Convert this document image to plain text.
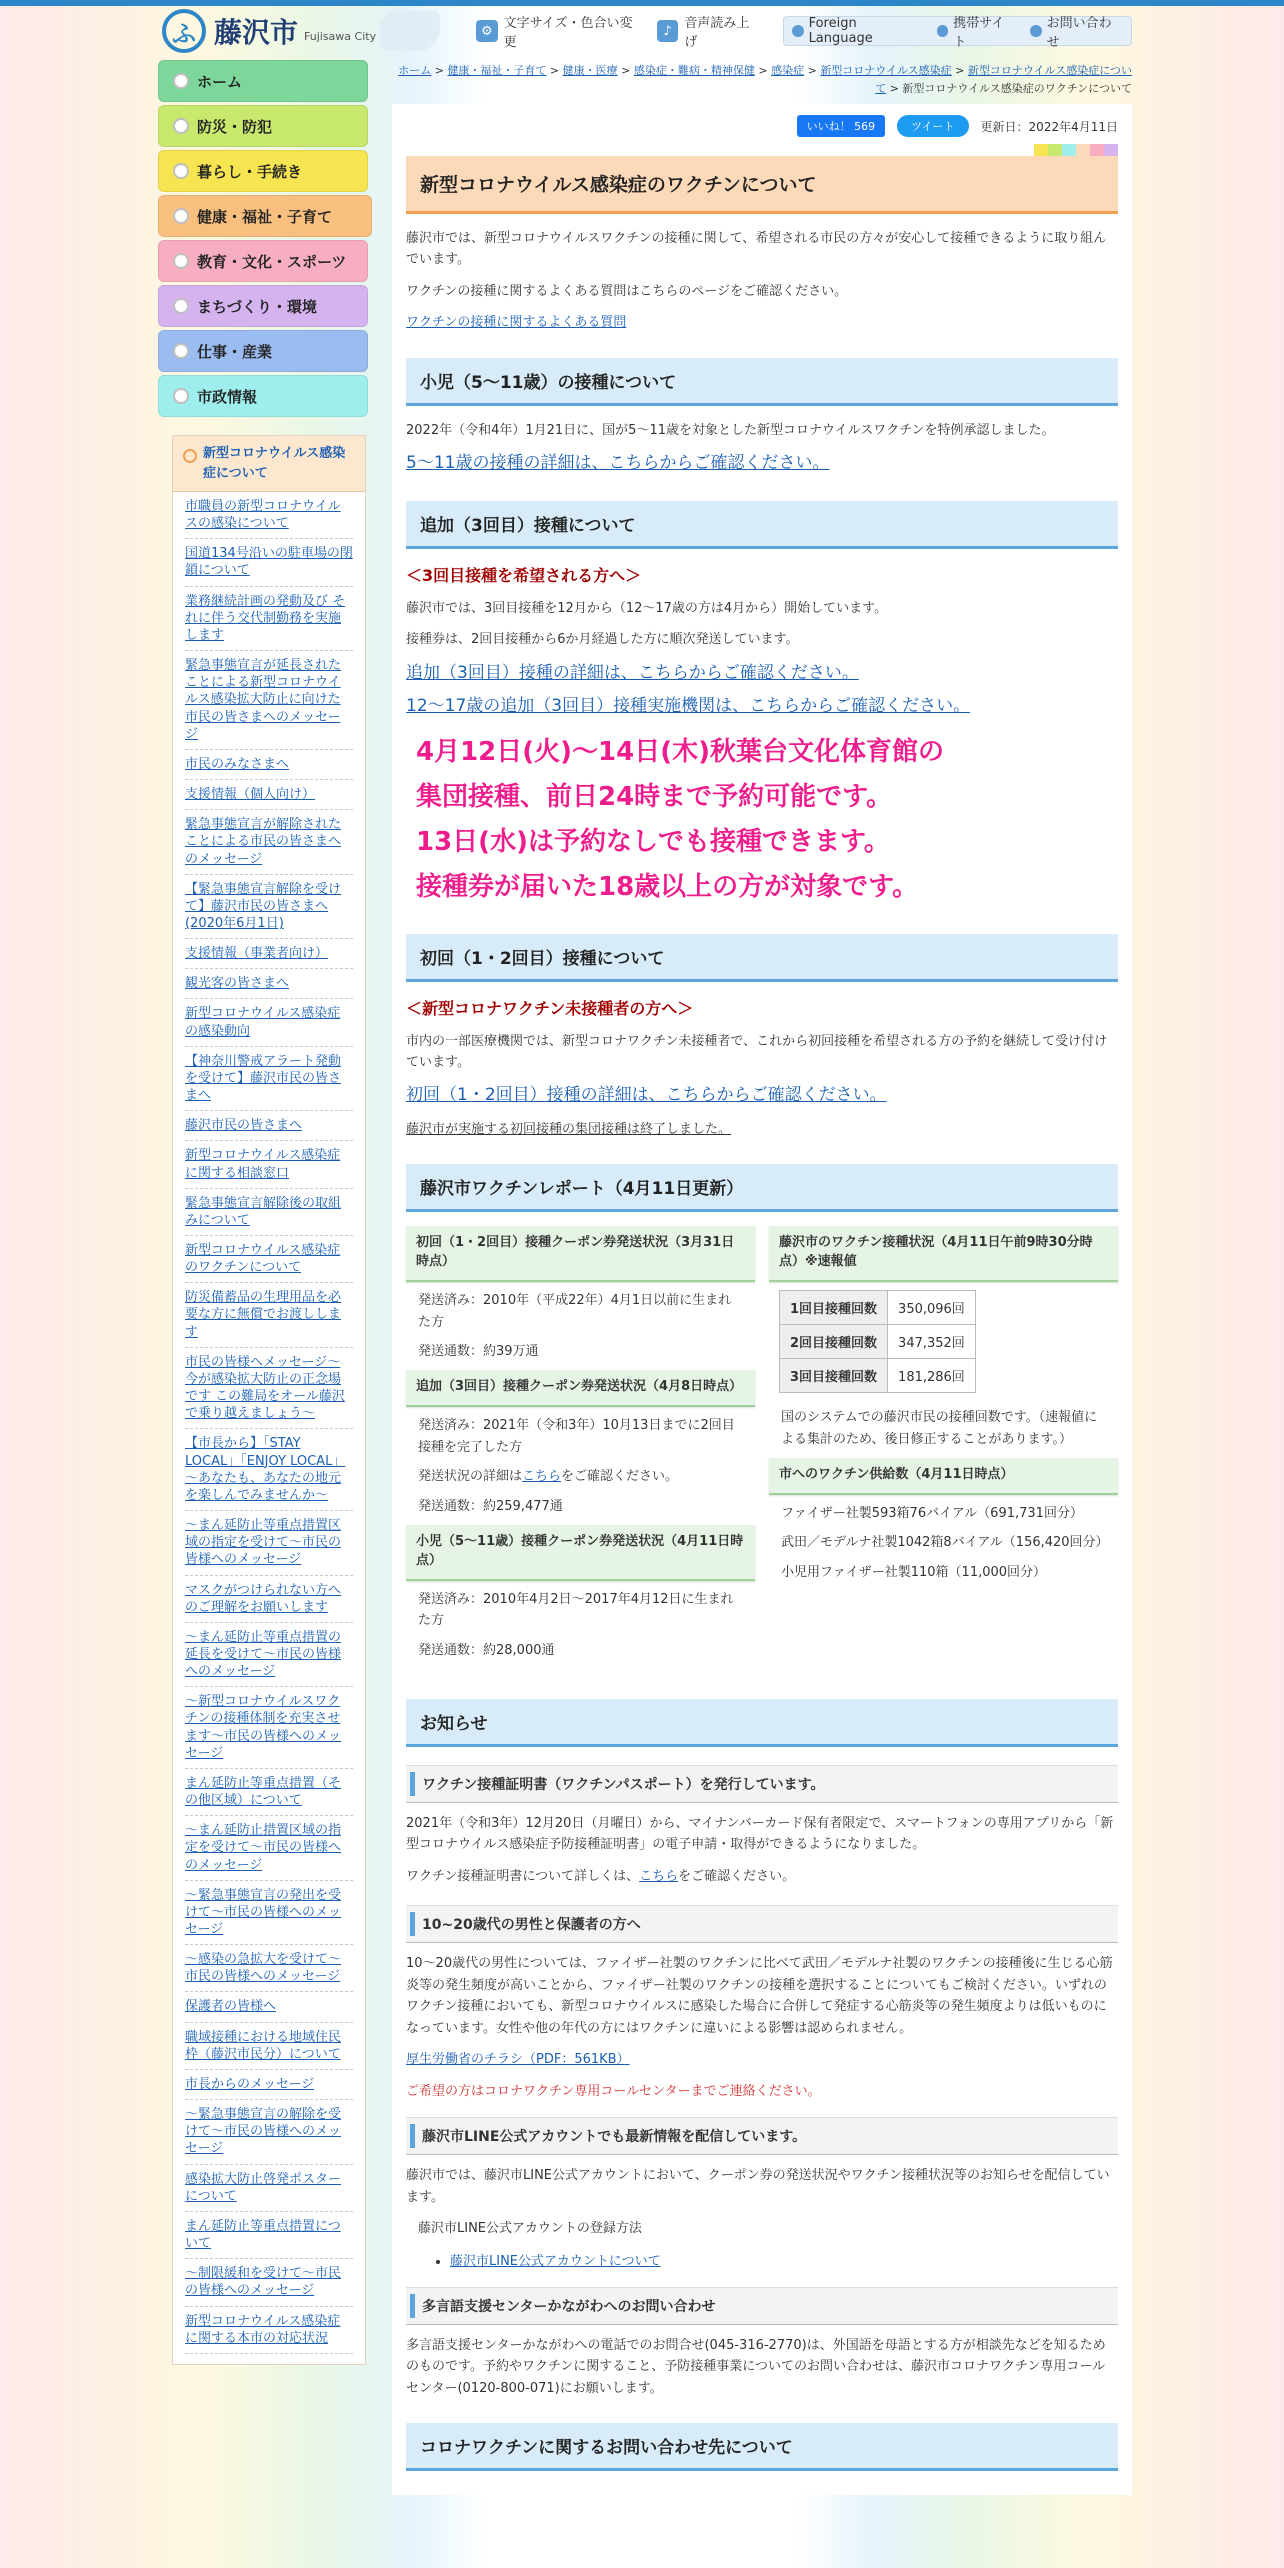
ふ 藤沢市 Fujisawa City	⚙ 文字サイズ・色合い変更
♪ 音声読み上げ
Foreign Language
携帯サイト
お問い合わせ
ホーム
防災・防犯
暮らし・手続き
健康・福祉・子育て
教育・文化・スポーツ
まちづくり・環境
仕事・産業
市政情報
新型コロナウイルス感染症について
市職員の新型コロナウイルスの感染について
国道134号沿いの駐車場の閉鎖について
業務継続計画の発動及び それに伴う交代制勤務を実施します
緊急事態宣言が延長されたことによる新型コロナウイルス感染拡大防止に向けた市民の皆さまへのメッセージ
市民のみなさまへ
支援情報（個人向け）
緊急事態宣言が解除されたことによる市民の皆さまへのメッセージ
【緊急事態宣言解除を受けて】藤沢市民の皆さまへ(2020年6月1日)
支援情報（事業者向け）
観光客の皆さまへ
新型コロナウイルス感染症の感染動向
【神奈川警戒アラート発動を受けて】藤沢市民の皆さまへ
藤沢市民の皆さまへ
新型コロナウイルス感染症に関する相談窓口
緊急事態宣言解除後の取組みについて
新型コロナウイルス感染症のワクチンについて
防災備蓄品の生理用品を必要な方に無償でお渡しします
市民の皆様へメッセージ～今が感染拡大防止の正念場です この難局をオール藤沢で乗り越えましょう～
【市長から】「STAY LOCAL」「ENJOY LOCAL」～あなたも、あなたの地元を楽しんでみませんか～
～まん延防止等重点措置区域の指定を受けて～市民の皆様へのメッセージ
マスクがつけられない方へのご理解をお願いします
～まん延防止等重点措置の延長を受けて～市民の皆様へのメッセージ
～新型コロナウイルスワクチンの接種体制を充実させます～市民の皆様へのメッセージ
まん延防止等重点措置（その他区域）について
～まん延防止措置区域の指定を受けて～市民の皆様へのメッセージ
～緊急事態宣言の発出を受けて～市民の皆様へのメッセージ
～感染の急拡大を受けて～市民の皆様へのメッセージ
保護者の皆様へ
職域接種における地域住民枠（藤沢市民分）について
市長からのメッセージ
～緊急事態宣言の解除を受けて～市民の皆様へのメッセージ
感染拡大防止啓発ポスターについて
まん延防止等重点措置について
～制限緩和を受けて～市民の皆様へのメッセージ
新型コロナウイルス感染症に関する本市の対応状況
ホーム > 健康・福祉・子育て > 健康・医療 > 感染症・難病・精神保健 > 感染症 > 新型コロナウイルス感染症 > 新型コロナウイルス感染症について > 新型コロナウイルス感染症のワクチンについて
いいね！ 569	ツイート	更新日：2022年4月11日
新型コロナウイルス感染症のワクチンについて

藤沢市では、新型コロナウイルスワクチンの接種に関して、希望される市民の方々が安心して接種できるように取り組んでいます。

ワクチンの接種に関するよくある質問はこちらのページをご確認ください。

ワクチンの接種に関するよくある質問

小児（5～11歳）の接種について

2022年（令和4年）1月21日に、国が5～11歳を対象とした新型コロナウイルスワクチンを特例承認しました。

5～11歳の接種の詳細は、こちらからご確認ください。

追加（3回目）接種について
＜3回目接種を希望される方へ＞

藤沢市では、3回目接種を12月から（12～17歳の方は4月から）開始しています。

接種券は、2回目接種から6か月経過した方に順次発送しています。

追加（3回目）接種の詳細は、こちらからご確認ください。

12～17歳の追加（3回目）接種実施機関は、こちらからご確認ください。

4月12日(火)～14日(木)秋葉台文化体育館の
集団接種、前日24時まで予約可能です。
13日(水)は予約なしでも接種できます。
接種券が届いた18歳以上の方が対象です。
初回（1・2回目）接種について
＜新型コロナワクチン未接種者の方へ＞

市内の一部医療機関では、新型コロナワクチン未接種者で、これから初回接種を希望される方の予約を継続して受け付けています。

初回（1・2回目）接種の詳細は、こちらからご確認ください。

藤沢市が実施する初回接種の集団接種は終了しました。

藤沢市ワクチンレポート（4月11日更新）
初回（1・2回目）接種クーポン券発送状況（3月31日時点）

発送済み：2010年（平成22年）4月1日以前に生まれた方

発送通数：約39万通

追加（3回目）接種クーポン券発送状況（4月8日時点）

発送済み：2021年（令和3年）10月13日までに2回目接種を完了した方

発送状況の詳細はこちらをご確認ください。

発送通数：約259,477通

小児（5～11歳）接種クーポン券発送状況（4月11日時点）

発送済み：2010年4月2日～2017年4月12日に生まれた方

発送通数：約28,000通

藤沢市のワクチン接種状況（4月11日午前9時30分時点）※速報値
1回目接種回数	350,096回
2回目接種回数	347,352回
3回目接種回数	181,286回

国のシステムでの藤沢市民の接種回数です。（速報値による集計のため、後日修正することがあります。）

市へのワクチン供給数（4月11日時点）

ファイザー社製593箱76バイアル（691,731回分）

武田／モデルナ社製1042箱8バイアル（156,420回分）

小児用ファイザー社製110箱（11,000回分）

お知らせ
ワクチン接種証明書（ワクチンパスポート）を発行しています。

2021年（令和3年）12月20日（月曜日）から、マイナンバーカード保有者限定で、スマートフォンの専用アプリから「新型コロナウイルス感染症予防接種証明書」の電子申請・取得ができるようになりました。

ワクチン接種証明書について詳しくは、こちらをご確認ください。

10~20歳代の男性と保護者の方へ

10～20歳代の男性については、ファイザー社製のワクチンに比べて武田／モデルナ社製のワクチンの接種後に生じる心筋炎等の発生頻度が高いことから、ファイザー社製のワクチンの接種を選択することについてもご検討ください。いずれのワクチン接種においても、新型コロナウイルスに感染した場合に合併して発症する心筋炎等の発生頻度よりは低いものになっています。女性や他の年代の方にはワクチンに違いによる影響は認められません。

厚生労働省のチラシ（PDF：561KB）

ご希望の方はコロナワクチン専用コールセンターまでご連絡ください。

藤沢市LINE公式アカウントでも最新情報を配信しています。

藤沢市では、藤沢市LINE公式アカウントにおいて、クーポン券の発送状況やワクチン接種状況等のお知らせを配信しています。

藤沢市LINE公式アカウントの登録方法

• 藤沢市LINE公式アカウントについて
多言語支援センターかながわへのお問い合わせ

多言語支援センターかながわへの電話でのお問合せ(045-316-2770)は、外国語を母語とする方が相談先などを知るためのものです。予約やワクチンに関すること、予防接種事業についてのお問い合わせは、藤沢市コロナワクチン専用コールセンター(0120-800-071)にお願いします。

コロナワクチンに関するお問い合わせ先について
